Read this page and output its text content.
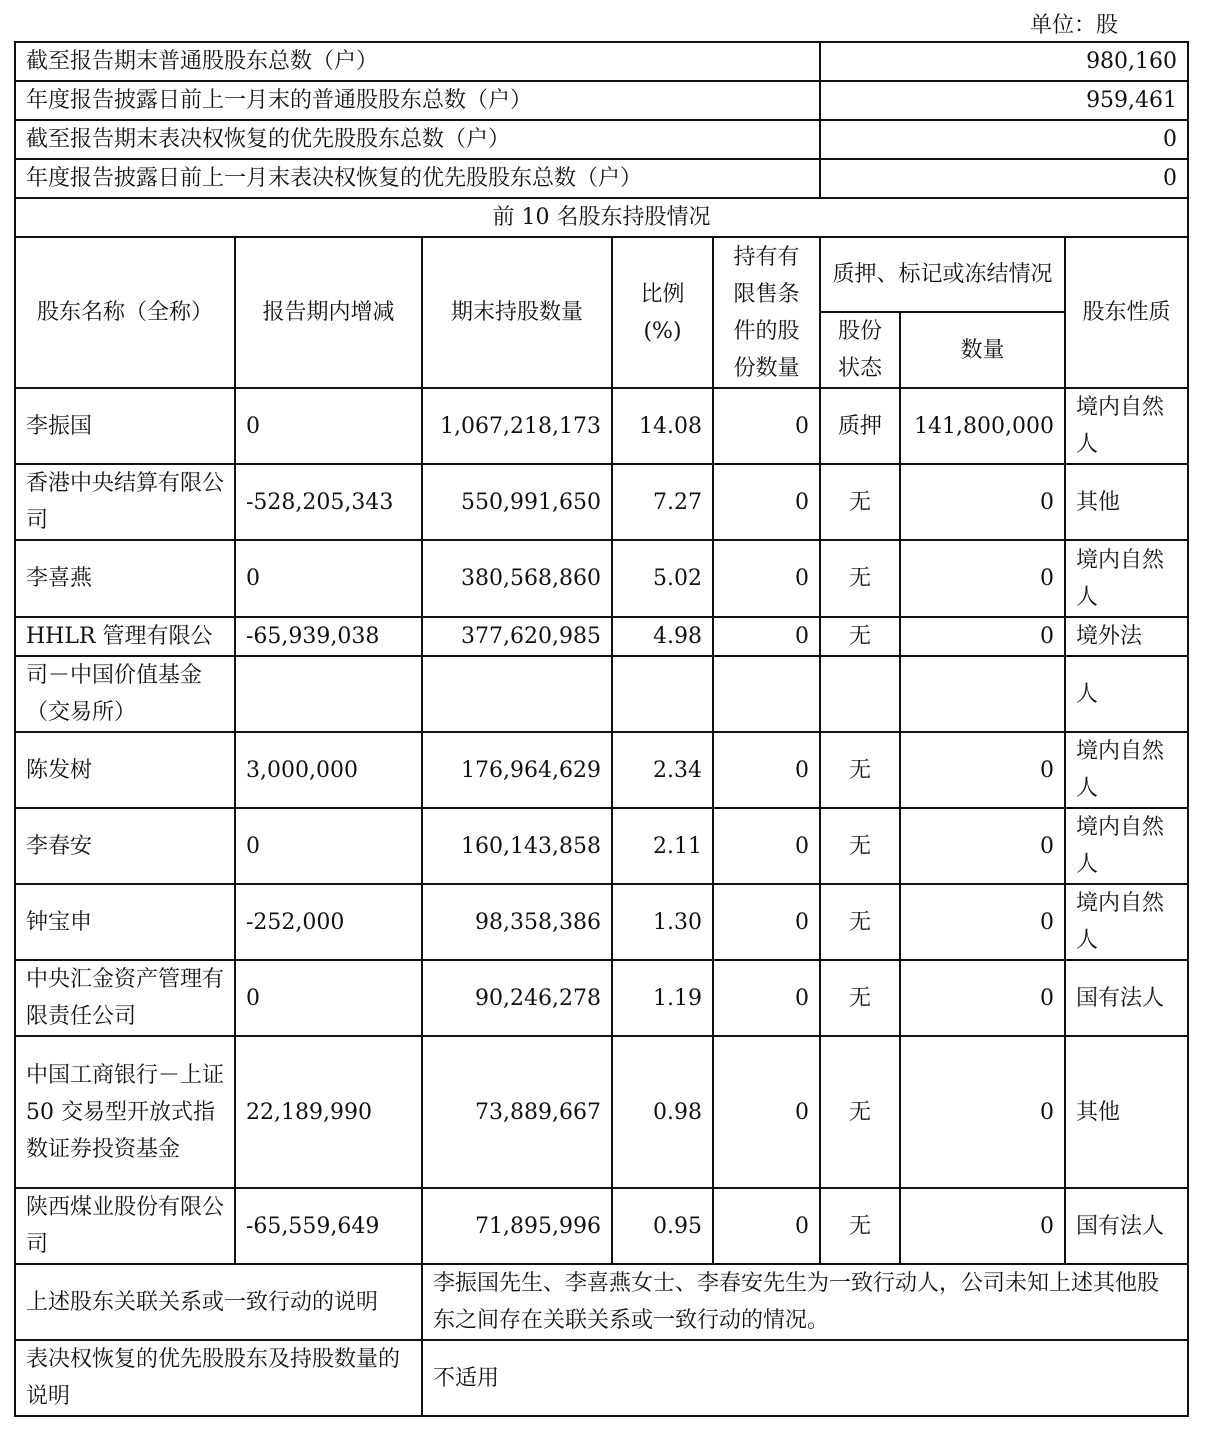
单位：股
截至报告期末普通股股东总数（户）					980,160		
年度报告披露日前上一月末的普通股股东总数（户）					959,461		
截至报告期末表决权恢复的优先股股东总数（户）					0		
年度报告披露日前上一月末表决权恢复的优先股股东总数（户）					0		
前 10 名股东持股情况							
股东名称（全称）	报告期内增减	期末持股数量	比例(%)	持有有限售条件的股份数量	质押、标记或冻结情况		股东性质
					股份状态	数量	
李振国	0	1,067,218,173	14.08	0	质押	141,800,000	境内自然人
香港中央结算有限公司	-528,205,343	550,991,650	7.27	0	无	0	其他
李喜燕	0	380,568,860	5.02	0	无	0	境内自然人
HHLR 管理有限公	-65,939,038	377,620,985	4.98	0	无	0	境外法
司－中国价值基金（交易所）							人
陈发树	3,000,000	176,964,629	2.34	0	无	0	境内自然人
李春安	0	160,143,858	2.11	0	无	0	境内自然人
钟宝申	-252,000	98,358,386	1.30	0	无	0	境内自然人
中央汇金资产管理有限责任公司	0	90,246,278	1.19	0	无	0	国有法人
中国工商银行－上证 50 交易型开放式指数证券投资基金	22,189,990	73,889,667	0.98	0	无	0	其他
陕西煤业股份有限公司	-65,559,649	71,895,996	0.95	0	无	0	国有法人
上述股东关联关系或一致行动的说明		李振国先生、李喜燕女士、李春安先生为一致行动人，公司未知上述其他股东之间存在关联关系或一致行动的情况。					
表决权恢复的优先股股东及持股数量的说明		不适用					
